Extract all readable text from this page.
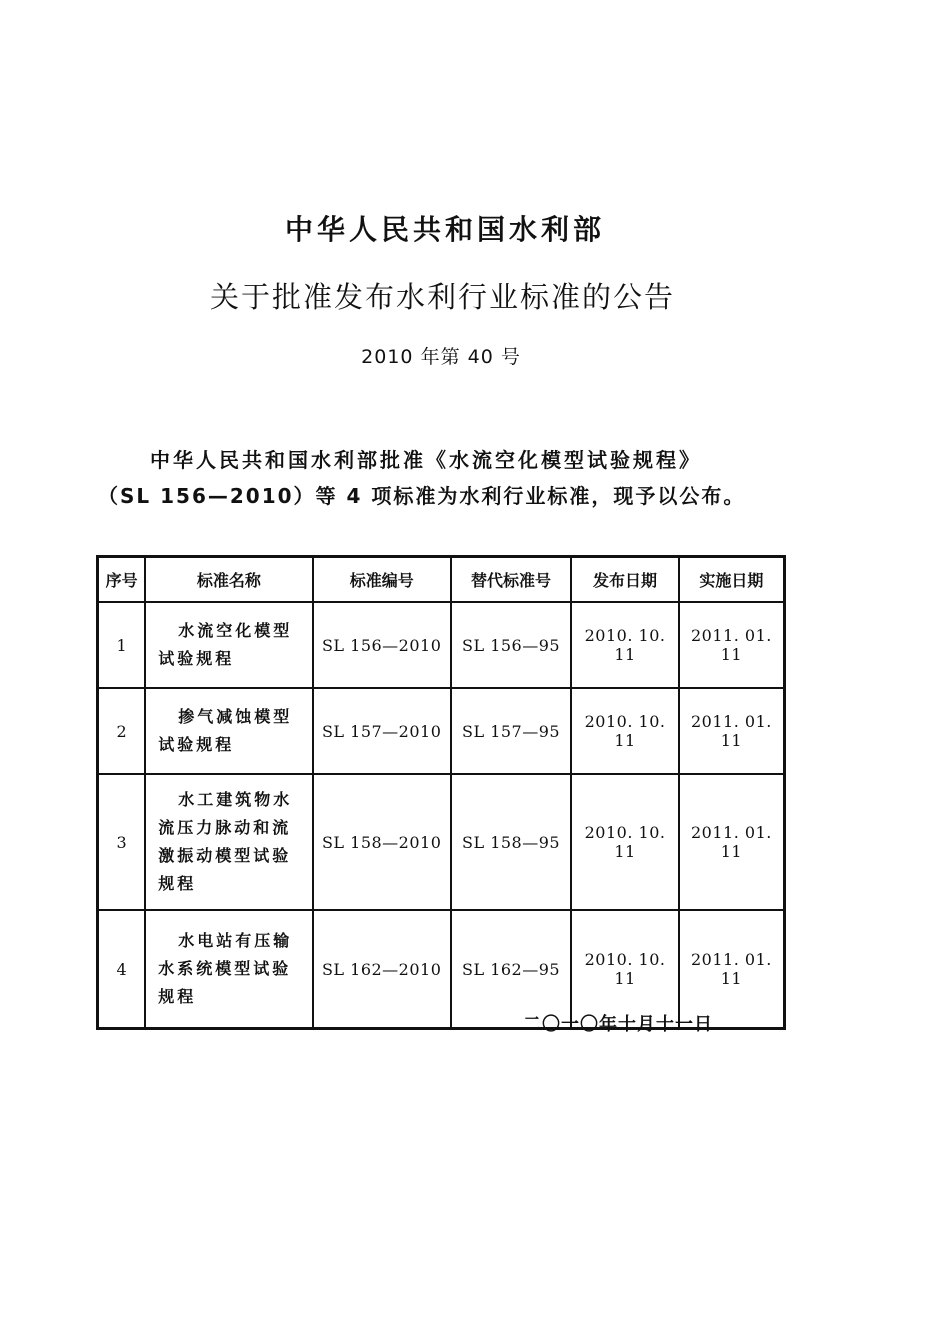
中华人民共和国水利部
关于批准发布水利行业标准的公告
2010 年第 40 号
中华人民共和国水利部批准《水流空化模型试验规程》
（SL 156—2010）等 4 项标准为水利行业标准，现予以公布。
序号	标准名称	标准编号	替代标准号	发布日期	实施日期
1	水流空化模型试验规程	SL 156—2010	SL 156—95	2010. 10. 11	2011. 01. 11
2	掺气减蚀模型试验规程	SL 157—2010	SL 157—95	2010. 10. 11	2011. 01. 11
3	水工建筑物水流压力脉动和流激振动模型试验规程	SL 158—2010	SL 158—95	2010. 10. 11	2011. 01. 11
4	水电站有压输水系统模型试验规程	SL 162—2010	SL 162—95	2010. 10. 11	2011. 01. 11
二〇一〇年十月十一日
